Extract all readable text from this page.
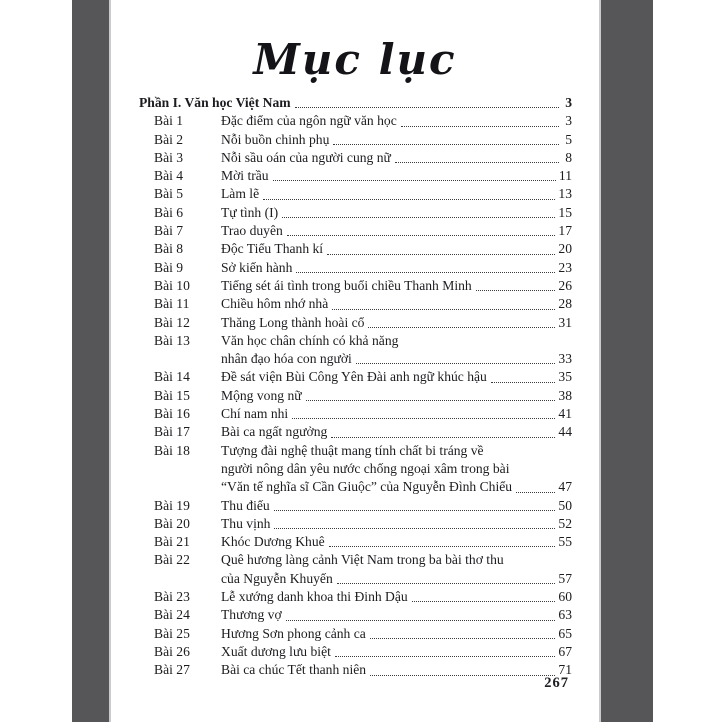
Mục lục
Phần I. Văn học Việt Nam	3
Bài 1	Đặc điểm của ngôn ngữ văn học	3
Bài 2	Nỗi buồn chinh phụ	5
Bài 3	Nỗi sầu oán của người cung nữ	8
Bài 4	Mời trầu	11
Bài 5	Làm lẽ	13
Bài 6	Tự tình (I)	15
Bài 7	Trao duyên	17
Bài 8	Độc Tiểu Thanh kí	20
Bài 9	Sở kiến hành	23
Bài 10	Tiếng sét ái tình trong buổi chiều Thanh Minh	26
Bài 11	Chiều hôm nhớ nhà	28
Bài 12	Thăng Long thành hoài cổ	31
Bài 13	Văn học chân chính có khả năng
nhân đạo hóa con người	33
Bài 14	Đề sát viện Bùi Công Yên Đài anh ngữ khúc hậu	35
Bài 15	Mộng vong nữ	38
Bài 16	Chí nam nhi	41
Bài 17	Bài ca ngất ngưởng	44
Bài 18	Tượng đài nghệ thuật mang tính chất bi tráng về
người nông dân yêu nước chống ngoại xâm trong bài
“Văn tế nghĩa sĩ Cần Giuộc” của Nguyễn Đình Chiểu	47
Bài 19	Thu điếu	50
Bài 20	Thu vịnh	52
Bài 21	Khóc Dương Khuê	55
Bài 22	Quê hương làng cảnh Việt Nam trong ba bài thơ thu
của Nguyễn Khuyến	57
Bài 23	Lễ xướng danh khoa thi Đinh Dậu	60
Bài 24	Thương vợ	63
Bài 25	Hương Sơn phong cảnh ca	65
Bài 26	Xuất dương lưu biệt	67
Bài 27	Bài ca chúc Tết thanh niên	71
267
